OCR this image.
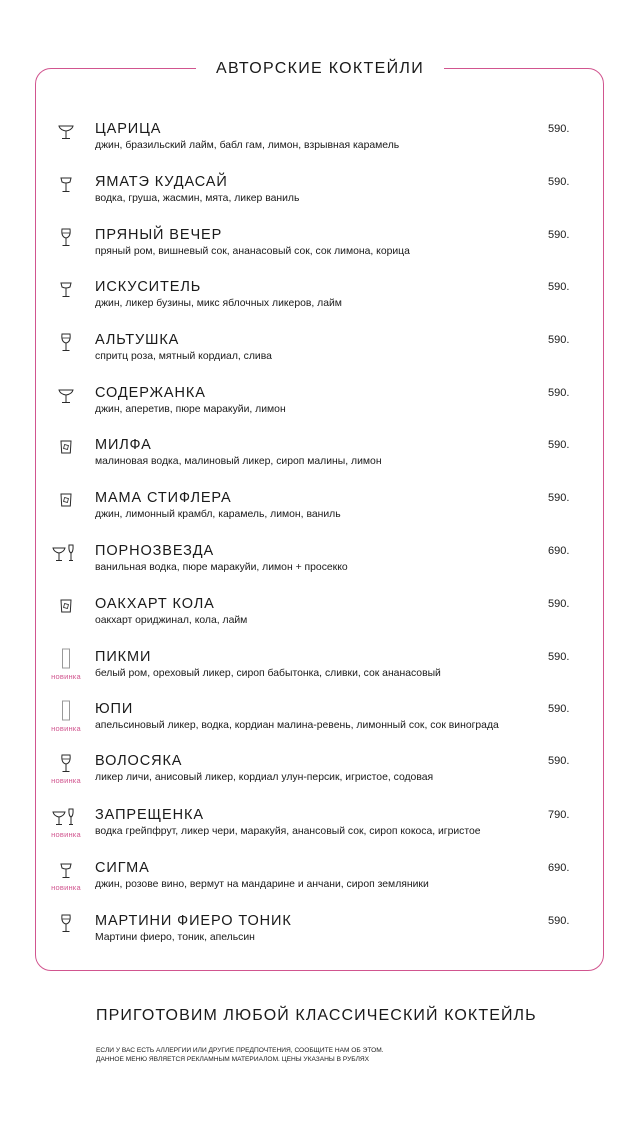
АВТОРСКИЕ КОКТЕЙЛИ
ЦАРИЦА
джин, бразильский лайм, бабл гам, лимон, взрывная карамель
590.
ЯМАТЭ КУДАСАЙ
водка, груша, жасмин, мята, ликер ваниль
590.
ПРЯНЫЙ ВЕЧЕР
пряный ром, вишневый сок, ананасовый сок, сок лимона, корица
590.
ИСКУСИТЕЛЬ
джин, ликер бузины, микс яблочных ликеров, лайм
590.
АЛЬТУШКА
спритц роза, мятный кордиал, слива
590.
СОДЕРЖАНКА
джин, аперетив, пюре маракуйи, лимон
590.
МИЛФА
малиновая водка, малиновый ликер, сироп малины, лимон
590.
МАМА СТИФЛЕРА
джин, лимонный крамбл, карамель, лимон, ваниль
590.
ПОРНОЗВЕЗДА
ванильная водка, пюре маракуйи, лимон + просекко
690.
ОАКХАРТ КОЛА
оакхарт ориджинал, кола, лайм
590.
новинка
ПИКМИ
белый ром, ореховый ликер, сироп бабытонка, сливки, сок ананасовый
590.
новинка
ЮПИ
апельсиновый ликер, водка, кордиан малина-ревень, лимонный сок, сок винограда
590.
новинка
ВОЛОСЯКА
ликер личи, анисовый ликер, кордиал улун-персик, игристое, содовая
590.
новинка
ЗАПРЕЩЕНКА
водка грейпфрут, ликер чери, маракуйя, анансовый сок, сироп кокоса, игристое
790.
новинка
СИГМА
джин, розове вино, вермут на мандарине и анчани, сироп земляники
690.
МАРТИНИ ФИЕРО ТОНИК
Мартини фиеро, тоник, апельсин
590.
ПРИГОТОВИМ ЛЮБОЙ КЛАССИЧЕСКИЙ КОКТЕЙЛЬ
ЕСЛИ У ВАС ЕСТЬ АЛЛЕРГИИ ИЛИ ДРУГИЕ ПРЕДПОЧТЕНИЯ, СООБЩИТЕ НАМ ОБ ЭТОМ.
ДАННОЕ МЕНЮ ЯВЛЯЕТСЯ РЕКЛАМНЫМ МАТЕРИАЛОМ. ЦЕНЫ УКАЗАНЫ В РУБЛЯХ
